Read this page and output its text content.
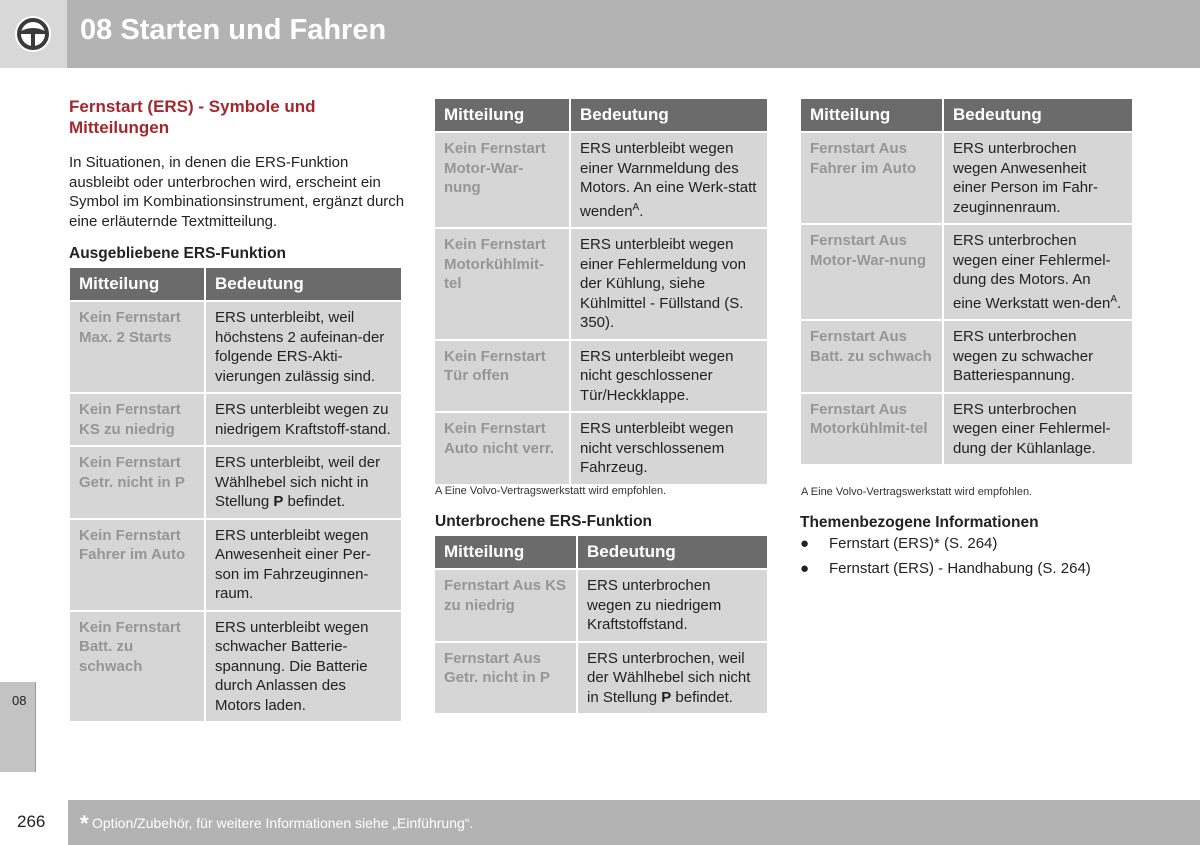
08 Starten und Fahren
Fernstart (ERS) - Symbole und Mitteilungen

In Situationen, in denen die ERS-Funktion ausbleibt oder unterbrochen wird, erscheint ein Symbol im Kombinationsinstrument, ergänzt durch eine erläuternde Textmitteilung.

Ausgebliebene ERS-Funktion
Mitteilung	Bedeutung
Kein Fernstart Max. 2 Starts	ERS unterbleibt, weil höchstens 2 aufeinan-der folgende ERS-Akti-vierungen zulässig sind.
Kein Fernstart KS zu niedrig	ERS unterbleibt wegen zu niedrigem Kraftstoff-stand.
Kein Fernstart Getr. nicht in P	ERS unterbleibt, weil der Wählhebel sich nicht in Stellung P befindet.
Kein Fernstart Fahrer im Auto	ERS unterbleibt wegen Anwesenheit einer Per-son im Fahrzeuginnen-raum.
Kein Fernstart Batt. zu schwach	ERS unterbleibt wegen schwacher Batterie-spannung. Die Batterie durch Anlassen des Motors laden.
Mitteilung	Bedeutung
Kein Fernstart Motor-War-nung	ERS unterbleibt wegen einer Warnmeldung des Motors. An eine Werk-statt wenden$^A$.
Kein Fernstart Motorkühlmit-tel	ERS unterbleibt wegen einer Fehlermeldung von der Kühlung, siehe Kühlmittel - Füllstand (S. 350).
Kein Fernstart Tür offen	ERS unterbleibt wegen nicht geschlossener Tür/Heckklappe.
Kein Fernstart Auto nicht verr.	ERS unterbleibt wegen nicht verschlossenem Fahrzeug.
A Eine Volvo-Vertragswerkstatt wird empfohlen.
Unterbrochene ERS-Funktion
Mitteilung	Bedeutung
Fernstart Aus KS zu niedrig	ERS unterbrochen wegen zu niedrigem Kraftstoffstand.
Fernstart Aus Getr. nicht in P	ERS unterbrochen, weil der Wählhebel sich nicht in Stellung P befindet.
Mitteilung	Bedeutung
Fernstart Aus Fahrer im Auto	ERS unterbrochen wegen Anwesenheit einer Person im Fahr-zeuginnenraum.
Fernstart Aus Motor-War-nung	ERS unterbrochen wegen einer Fehlermel-dung des Motors. An eine Werkstatt wen-den$^A$.
Fernstart Aus Batt. zu schwach	ERS unterbrochen wegen zu schwacher Batteriespannung.
Fernstart Aus Motorkühlmit-tel	ERS unterbrochen wegen einer Fehlermel-dung der Kühlanlage.
A Eine Volvo-Vertragswerkstatt wird empfohlen.
Themenbezogene Informationen
● Fernstart (ERS)* (S. 264)
● Fernstart (ERS) - Handhabung (S. 264)
08
266 * Option/Zubehör, für weitere Informationen siehe „Einführung“.
